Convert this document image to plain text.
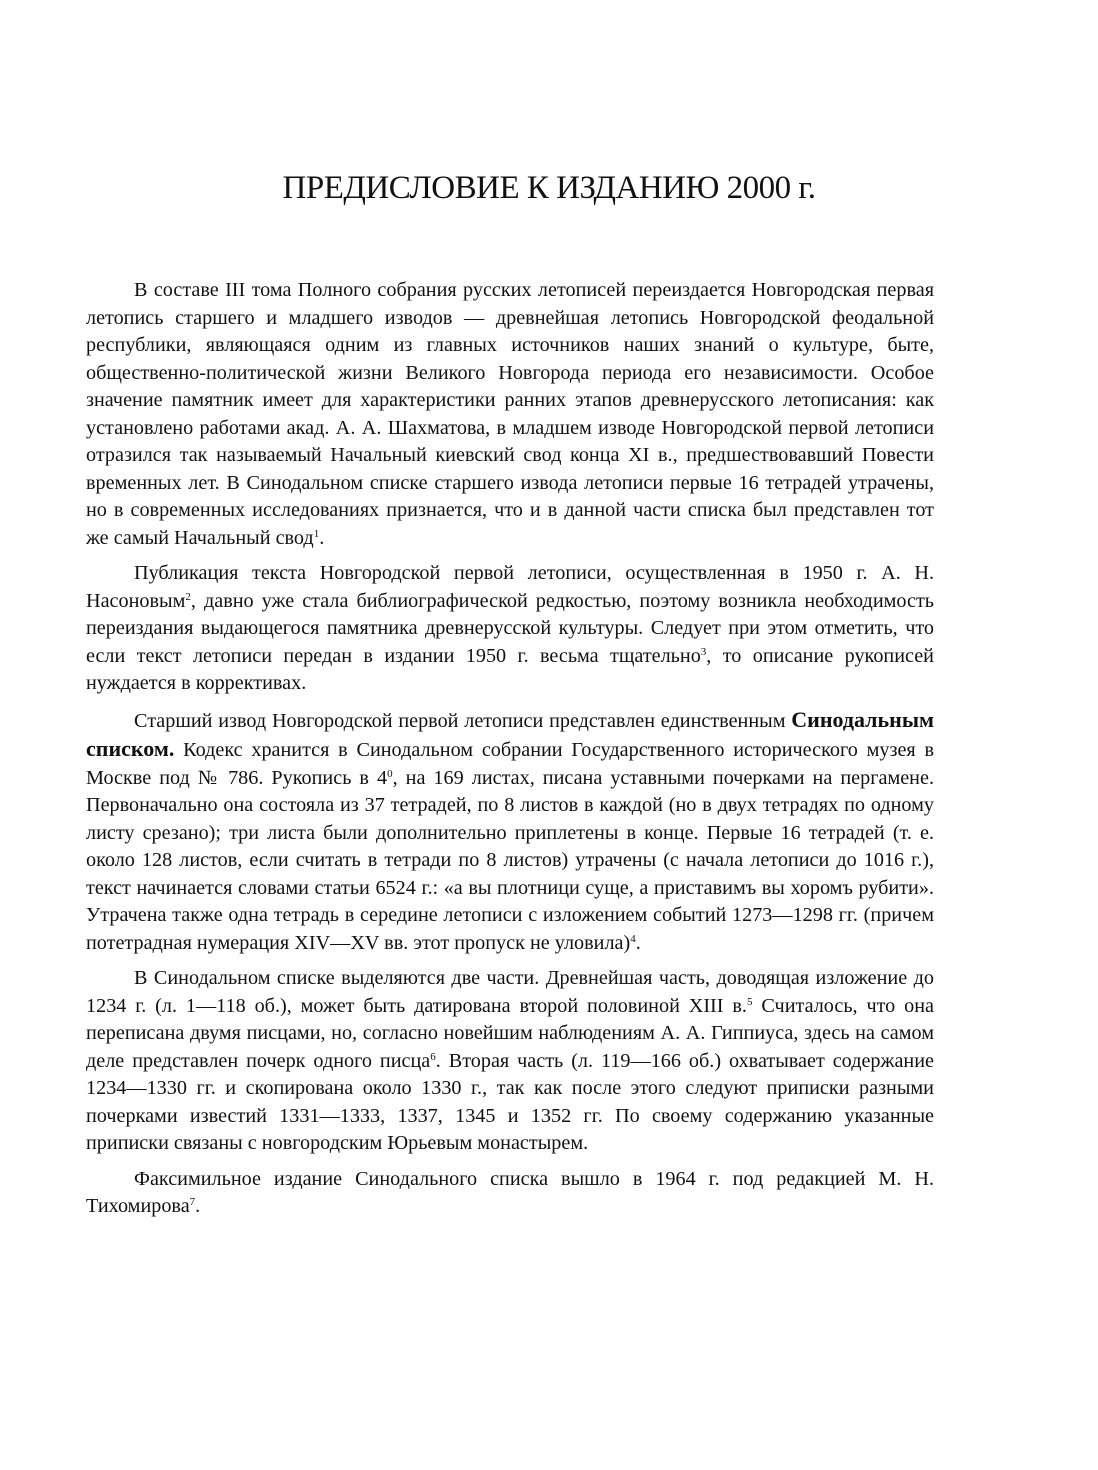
ПРЕДИСЛОВИЕ К ИЗДАНИЮ 2000 г.

В составе III тома Полного собрания русских летописей переиздается Новгородская первая летопись старшего и младшего изводов — древнейшая летопись Новгородской феодальной республики, являющаяся одним из главных источников наших знаний о культуре, быте, общественно-политической жизни Великого Новгорода периода его независимости. Особое значение памятник имеет для характеристики ранних этапов древнерусского летописания: как установлено работами акад. А. А. Шахматова, в младшем изводе Новгородской первой летописи отразился так называемый Начальный киевский свод конца XI в., предшествовавший Повести временных лет. В Синодальном списке старшего извода летописи первые 16 тетрадей утрачены, но в современных исследованиях признается, что и в данной части списка был представлен тот же самый Начальный свод$^1$.

Публикация текста Новгородской первой летописи, осуществленная в 1950 г. А. Н. Насоновым$^2$, давно уже стала библиографической редкостью, поэтому возникла необходимость переиздания выдающегося памятника древнерусской культуры. Следует при этом отметить, что если текст летописи передан в издании 1950 г. весьма тщательно$^3$, то описание рукописей нуждается в коррективах.

Старший извод Новгородской первой летописи представлен единственным Синодальным списком. Кодекс хранится в Синодальном собрании Государственного исторического музея в Москве под № 786. Рукопись в $4^0$, на 169 листах, писана уставными почерками на пергамене. Первоначально она состояла из 37 тетрадей, по 8 листов в каждой (но в двух тетрадях по одному листу срезано); три листа были дополнительно приплетены в конце. Первые 16 тетрадей (т. е. около 128 листов, если считать в тетради по 8 листов) утрачены (с начала летописи до 1016 г.), текст начинается словами статьи 6524 г.: «а вы плотници суще, а приставимъ вы хоромъ рубити». Утрачена также одна тетрадь в середине летописи с изложением событий 1273—1298 гг. (причем потетрадная нумерация XIV—XV вв. этот пропуск не уловила)$^4$.

В Синодальном списке выделяются две части. Древнейшая часть, доводящая изложение до 1234 г. (л. 1—118 об.), может быть датирована второй половиной XIII в.$^5$ Считалось, что она переписана двумя писцами, но, согласно новейшим наблюдениям А. А. Гиппиуса, здесь на самом деле представлен почерк одного писца$^6$. Вторая часть (л. 119—166 об.) охватывает содержание 1234—1330 гг. и скопирована около 1330 г., так как после этого следуют приписки разными почерками известий 1331—1333, 1337, 1345 и 1352 гг. По своему содержанию указанные приписки связаны с новгородским Юрьевым монастырем.

Факсимильное издание Синодального списка вышло в 1964 г. под редакцией М. Н. Тихомирова$^7$.
